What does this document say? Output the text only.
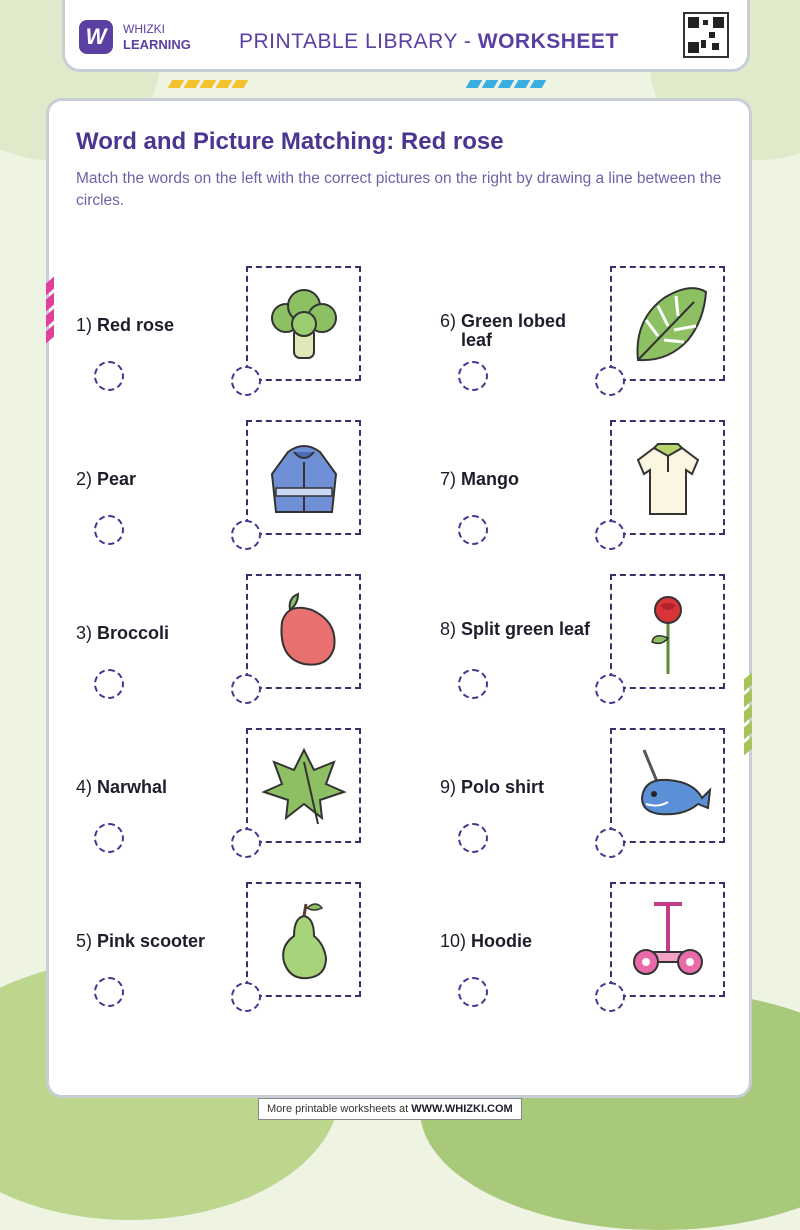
W	WHIZKI
LEARNING PRINTABLE LIBRARY - WORKSHEET
Word and Picture Matching: Red rose
Match the words on the left with the correct pictures on the right by drawing a line between the circles.
1) Red rose
2) Pear
3) Broccoli
4) Narwhal
5) Pink scooter
6) Green lobed leaf
7) Mango
8) Split green leaf
9) Polo shirt
10) Hoodie
More printable worksheets at WWW.WHIZKI.COM
